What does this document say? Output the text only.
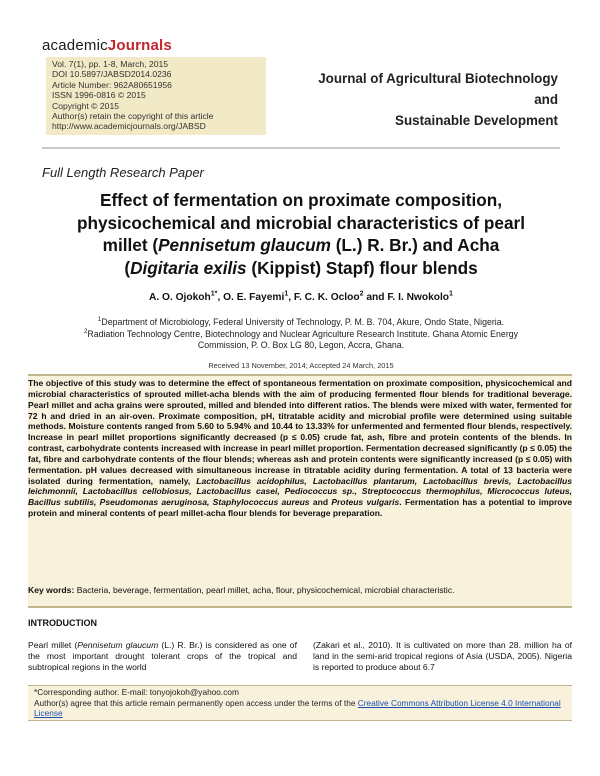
academicJournals
Vol. 7(1), pp. 1-8, March, 2015
DOI 10.5897/JABSD2014.0236
Article Number: 962A80651956
ISSN 1996-0816 © 2015
Copyright © 2015
Author(s) retain the copyright of this article
http://www.academicjournals.org/JABSD
Journal of Agricultural Biotechnology and
Sustainable Development
Full Length Research Paper
Effect of fermentation on proximate composition,
physicochemical and microbial characteristics of pearl
millet (Pennisetum glaucum (L.) R. Br.) and Acha
(Digitaria exilis (Kippist) Stapf) flour blends
A. O. Ojokoh$^{1*}$, O. E. Fayemi$^1$, F. C. K. Ocloo$^2$ and F. I. Nwokolo$^1$
$^1$Department of Microbiology, Federal University of Technology, P. M. B. 704, Akure, Ondo State, Nigeria.
$^2$Radiation Technology Centre, Biotechnology and Nuclear Agriculture Research Institute. Ghana Atomic Energy
Commission, P. O. Box LG 80, Legon, Accra, Ghana.
Received 13 November, 2014; Accepted 24 March, 2015
The objective of this study was to determine the effect of spontaneous fermentation on proximate composition, physicochemical and microbial characteristics of sprouted millet-acha blends with the aim of producing fermented flour blends for traditional beverage. Pearl millet and acha grains were sprouted, milled and blended into different ratios. The blends were mixed with water, fermented for 72 h and dried in an air-oven. Proximate composition, pH, titratable acidity and microbial profile were determined using suitable methods. Moisture contents ranged from 5.60 to 5.94% and 10.44 to 13.33% for unfermented and fermented flour blends, respectively. Increase in pearl millet proportions significantly decreased (p ≤ 0.05) crude fat, ash, fibre and protein contents of the blends. In contrast, carbohydrate contents increased with increase in pearl millet proportion. Fermentation decreased significantly (p ≤ 0.05) the fat, fibre and carbohydrate contents of the flour blends; whereas ash and protein contents were significantly increased (p ≤ 0.05) with fermentation. pH values decreased with simultaneous increase in titratable acidity during fermentation. A total of 13 bacteria were isolated during fermentation, namely, Lactobacillus acidophilus, Lactobacillus plantarum, Lactobacillus brevis, Lactobacillus leichmonnii, Lactobacillus cellobiosus, Lactobacillus casei, Pediococcus sp., Streptococcus thermophilus, Micrococcus luteus, Bacillus subtilis, Pseudomonas aeruginosa, Staphylococcus aureus and Proteus vulgaris. Fermentation has a potential to improve protein and mineral contents of pearl millet-acha flour blends for beverage preparation.
Key words: Bacteria, beverage, fermentation, pearl millet, acha, flour, physicochemical, microbial characteristic.
INTRODUCTION
Pearl millet (Pennisetum glaucum (L.) R. Br.) is considered as one of the most important drought tolerant crops of the tropical and subtropical regions in the world
(Zakari et al., 2010). It is cultivated on more than 28. million ha of land in the semi-arid tropical regions of Asia (USDA, 2005). Nigeria is reported to produce about 6.7
*Corresponding author. E-mail: tonyojokoh@yahoo.com
Author(s) agree that this article remain permanently open access under the terms of the Creative Commons Attribution License 4.0 International License
